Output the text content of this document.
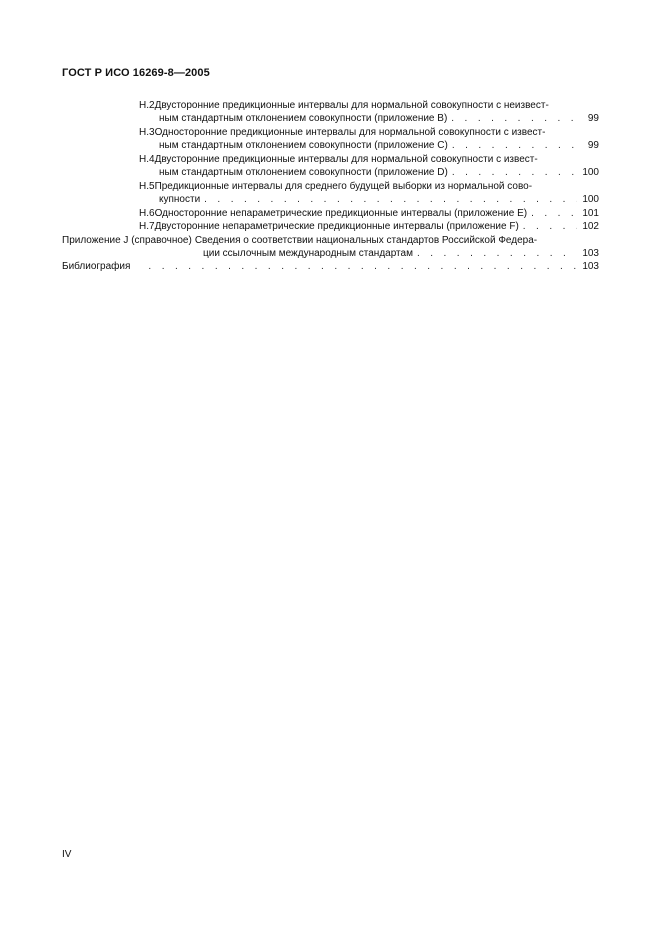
ГОСТ Р ИСО 16269-8—2005
Н.2 Двусторонние предикционные интервалы для нормальной совокупности с неизвест-
ным стандартным отклонением совокупности (приложение В) .....	99
Н.3 Односторонние предикционные интервалы для нормальной совокупности с извест-
ным стандартным отклонением совокупности (приложение С) .....	99
Н.4 Двусторонние предикционные интервалы для нормальной совокупности с извест-
ным стандартным отклонением совокупности (приложение D) .....	100
Н.5 Предикционные интервалы для среднего будущей выборки из нормальной сово-
купности .....	100
Н.6 Односторонние непараметрические предикционные интервалы (приложение Е) .....	101
Н.7 Двусторонние непараметрические предикционные интервалы (приложение F) .....	102
Приложение J (справочное) Сведения о соответствии национальных стандартов Российской Федера-
ции ссылочным международным стандартам .....	103
Библиография .....	103
IV
